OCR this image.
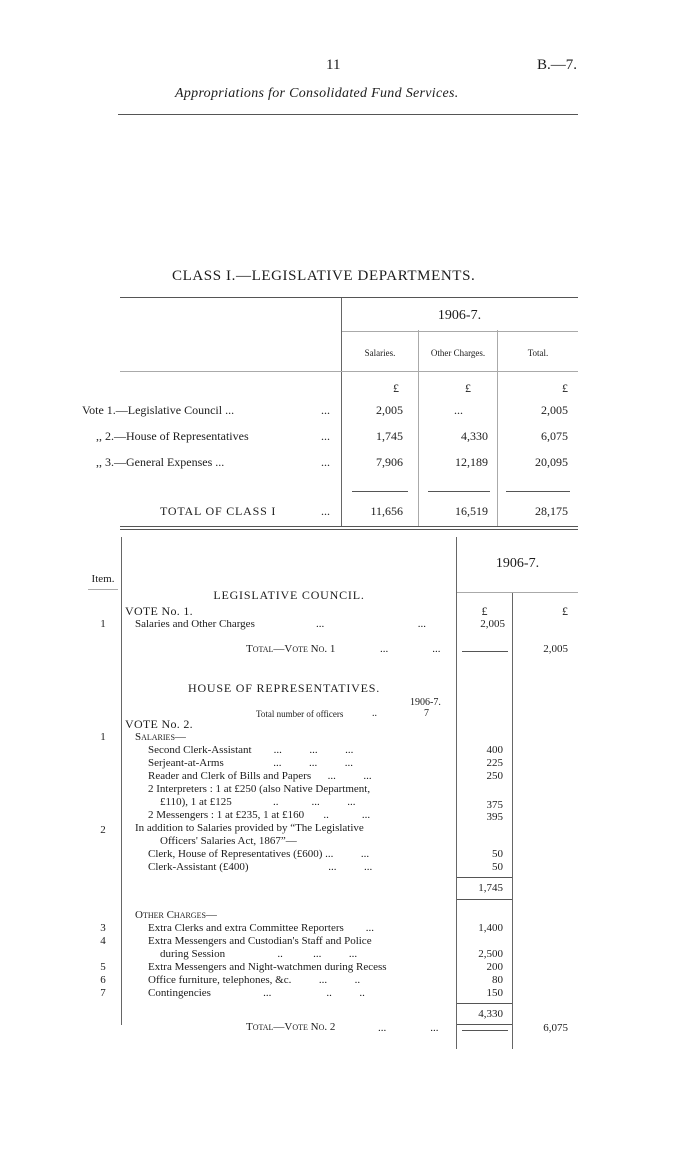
11	B.—7.
Appropriations for Consolidated Fund Services.
CLASS I.—LEGISLATIVE DEPARTMENTS.
1906-7.
Salaries.	Other Charges.	Total.
£	£	£
Vote 1.—Legislative Council ...	...	2,005	...	2,005
,, 2.—House of Representatives	...	1,745	4,330	6,075
,, 3.—General Expenses ...	...	7,906	12,189	20,095
TOTAL OF CLASS I	...	11,656	16,519	28,175
Item.
1906-7.
LEGISLATIVE COUNCIL.
VOTE No. 1.	£	£
1	Salaries and Other Charges	...                                  ...	2,005
Total—Vote No. 1	...                ...	2,005
HOUSE OF REPRESENTATIVES.
1906-7.
Total number of officers	..	7
VOTE No. 2.
1	Salaries—
Second Clerk-Assistant        ...          ...          ...	400
Serjeant-at-Arms                  ...          ...          ...	225
Reader and Clerk of Bills and Papers      ...          ...	250
2 Interpreters : 1 at £250 (also Native Department,
£110), 1 at £125               ..            ...          ...	375
2 Messengers : 1 at £235, 1 at £160       ..            ...	395
2	In addition to Salaries provided by “The Legislative
Officers' Salaries Act, 1867”—
Clerk, House of Representatives (£600) ...          ...	50
Clerk-Assistant (£400)                             ...          ...	50
1,745
Other Charges—
3	Extra Clerks and extra Committee Reporters        ...	1,400
4	Extra Messengers and Custodian's Staff and Police
during Session                   ..           ...          ...	2,500
5	Extra Messengers and Night-watchmen during Recess	200
6	Office furniture, telephones, &c.          ...          ..	80
7	Contingencies                   ...                    ..          ..	150
4,330
Total—Vote No. 2	...                ...	6,075
